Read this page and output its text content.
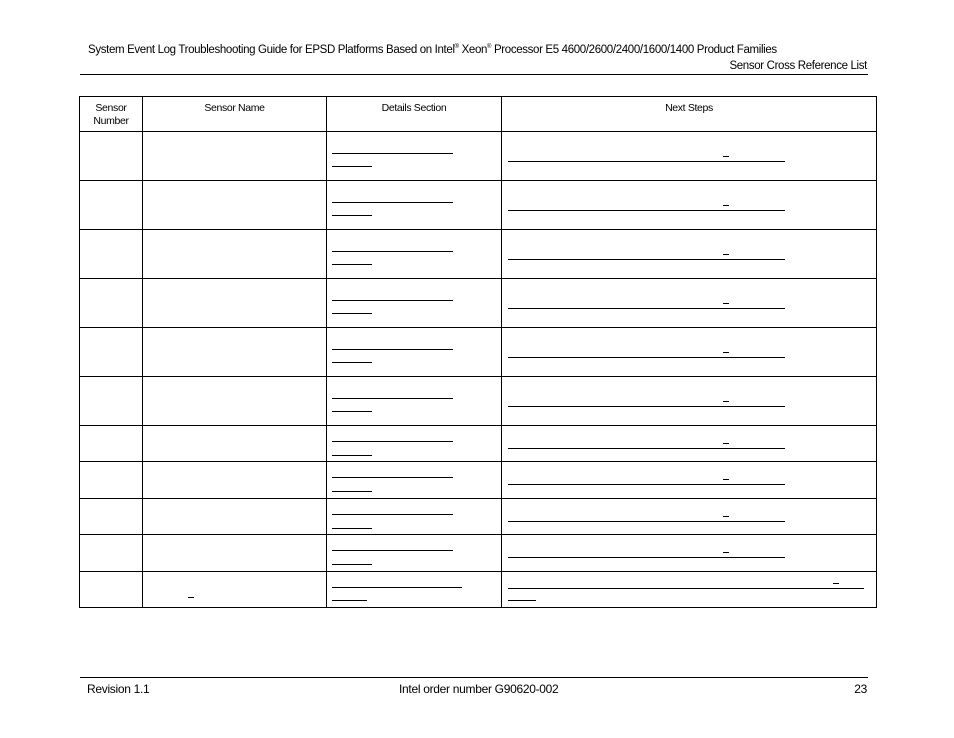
System Event Log Troubleshooting Guide for EPSD Platforms Based on Intel® Xeon® Processor E5 4600/2600/2400/1600/1400 Product Families
Sensor Cross Reference List
Sensor Number	Sensor Name	Details Section	Next Steps

Revision 1.1	Intel order number G90620-002	23
